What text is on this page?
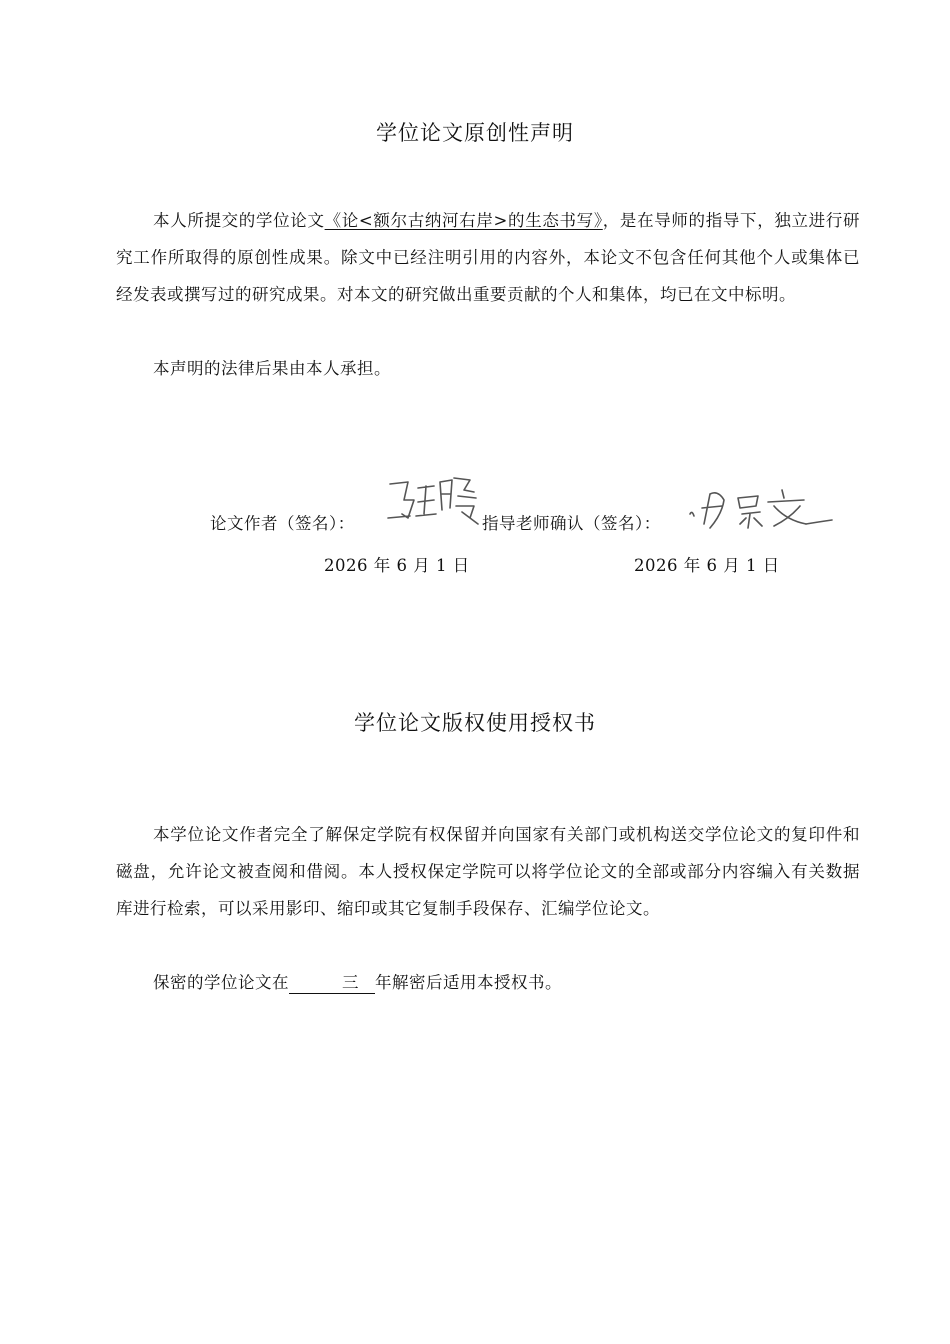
学位论文原创性声明
本人所提交的学位论文《论<额尔古纳河右岸>的生态书写》，是在导师的指导下，独立进行研究工作所取得的原创性成果。除文中已经注明引用的内容外，本论文不包含任何其他个人或集体已经发表或撰写过的研究成果。对本文的研究做出重要贡献的个人和集体，均已在文中标明。
本声明的法律后果由本人承担。
论文作者（签名）：	指导老师确认（签名）：
2026 年 6 月 1 日	2026 年 6 月 1 日
学位论文版权使用授权书
本学位论文作者完全了解保定学院有权保留并向国家有关部门或机构送交学位论文的复印件和磁盘，允许论文被查阅和借阅。本人授权保定学院可以将学位论文的全部或部分内容编入有关数据库进行检索，可以采用影印、缩印或其它复制手段保存、汇编学位论文。
保密的学位论文在	三 年解密后适用本授权书。
